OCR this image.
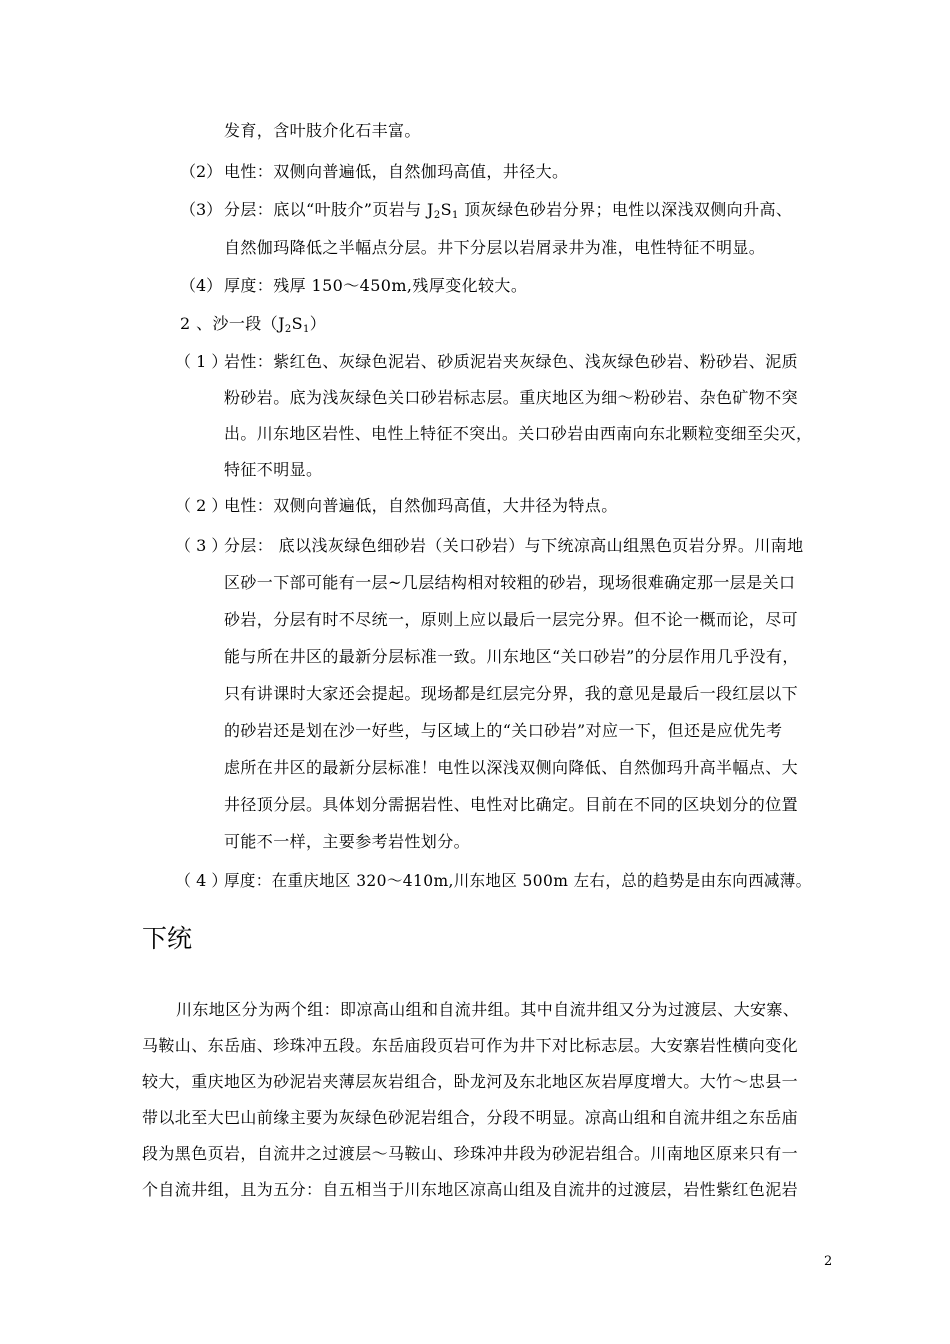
发育，含叶肢介化石丰富。
（2） 电性：双侧向普遍低，自然伽玛高值，井径大。
（3） 分层：底以“叶肢介”页岩与 J2S1 顶灰绿色砂岩分界；电性以深浅双侧向升高、
自然伽玛降低之半幅点分层。井下分层以岩屑录井为准，电性特征不明显。
（4） 厚度：残厚 150～450m,残厚变化较大。
2 、沙一段（J2S1）
（ 1 ）
岩性：紫红色、灰绿色泥岩、砂质泥岩夹灰绿色、浅灰绿色砂岩、粉砂岩、泥质
粉砂岩。底为浅灰绿色关口砂岩标志层。重庆地区为细～粉砂岩、杂色矿物不突
出。川东地区岩性、电性上特征不突出。关口砂岩由西南向东北颗粒变细至尖灭，
特征不明显。
（ 2 ）
电性：双侧向普遍低，自然伽玛高值，大井径为特点。
（ 3 ）
分层： 底以浅灰绿色细砂岩（关口砂岩）与下统凉高山组黑色页岩分界。川南地
区砂一下部可能有一层~几层结构相对较粗的砂岩，现场很难确定那一层是关口
砂岩，分层有时不尽统一，原则上应以最后一层完分界。但不论一概而论，尽可
能与所在井区的最新分层标准一致。川东地区“关口砂岩”的分层作用几乎没有，
只有讲课时大家还会提起。现场都是红层完分界，我的意见是最后一段红层以下
的砂岩还是划在沙一好些，与区域上的“关口砂岩”对应一下，但还是应优先考
虑所在井区的最新分层标准！电性以深浅双侧向降低、自然伽玛升高半幅点、大
井径顶分层。具体划分需据岩性、电性对比确定。目前在不同的区块划分的位置
可能不一样，主要参考岩性划分。
（ 4 ）
厚度：在重庆地区 320～410m,川东地区 500m 左右，总的趋势是由东向西减薄。
下统
川东地区分为两个组：即凉高山组和自流井组。其中自流井组又分为过渡层、大安寨、
马鞍山、东岳庙、珍珠冲五段。东岳庙段页岩可作为井下对比标志层。大安寨岩性横向变化
较大，重庆地区为砂泥岩夹薄层灰岩组合，卧龙河及东北地区灰岩厚度增大。大竹～忠县一
带以北至大巴山前缘主要为灰绿色砂泥岩组合，分段不明显。凉高山组和自流井组之东岳庙
段为黑色页岩，自流井之过渡层～马鞍山、珍珠冲井段为砂泥岩组合。川南地区原来只有一
个自流井组，且为五分：自五相当于川东地区凉高山组及自流井的过渡层，岩性紫红色泥岩
2
